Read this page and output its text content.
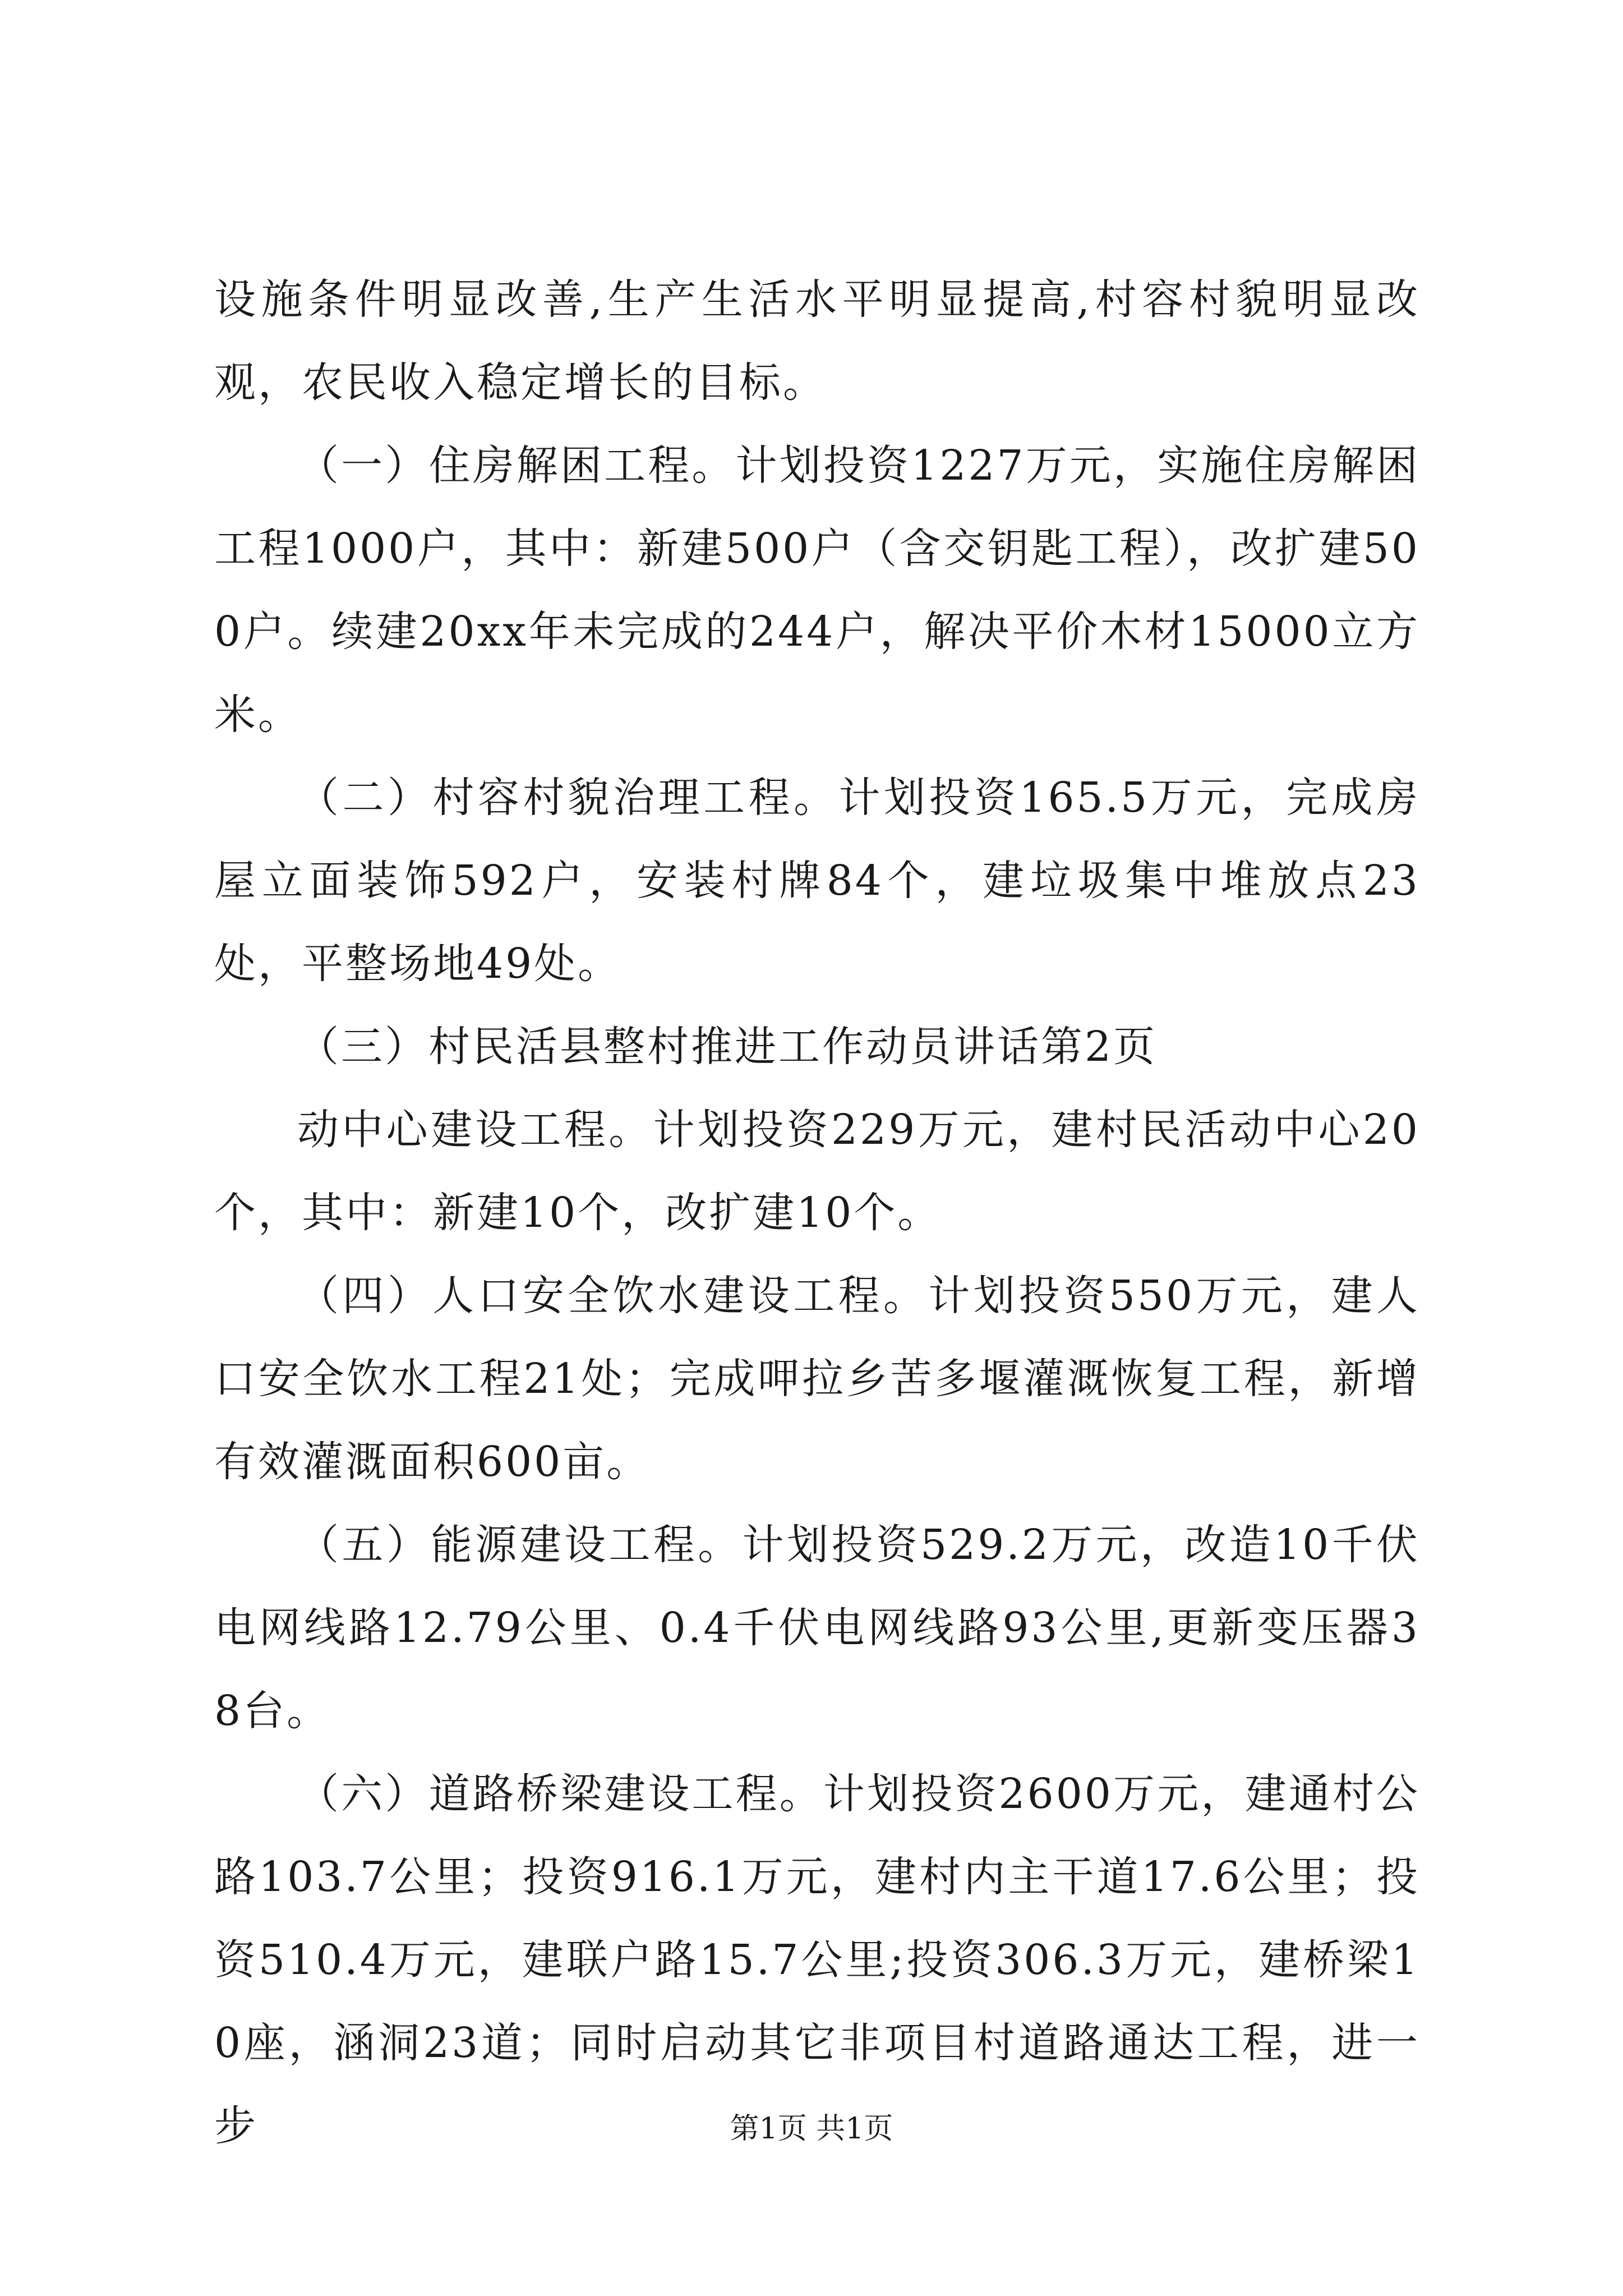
设施条件明显改善,生产生活水平明显提高,村容村貌明显改观，农民收入稳定增长的目标。

（一）住房解困工程。计划投资1227万元，实施住房解困工程1000户，其中：新建500户（含交钥匙工程），改扩建500户。续建20xx年未完成的244户，解决平价木材15000立方米。

（二）村容村貌治理工程。计划投资165.5万元，完成房屋立面装饰592户，安装村牌84个，建垃圾集中堆放点23处，平整场地49处。

（三）村民活县整村推进工作动员讲话第2页

动中心建设工程。计划投资229万元，建村民活动中心20个，其中：新建10个，改扩建10个。

（四）人口安全饮水建设工程。计划投资550万元，建人口安全饮水工程21处；完成呷拉乡苦多堰灌溉恢复工程，新增有效灌溉面积600亩。

（五）能源建设工程。计划投资529.2万元，改造10千伏电网线路12.79公里、0.4千伏电网线路93公里,更新变压器38台。

（六）道路桥梁建设工程。计划投资2600万元，建通村公路103.7公里；投资916.1万元，建村内主干道17.6公里；投资510.4万元，建联户路15.7公里;投资306.3万元，建桥梁10座，涵洞23道；同时启动其它非项目村道路通达工程，进一步	第1页 共1页
